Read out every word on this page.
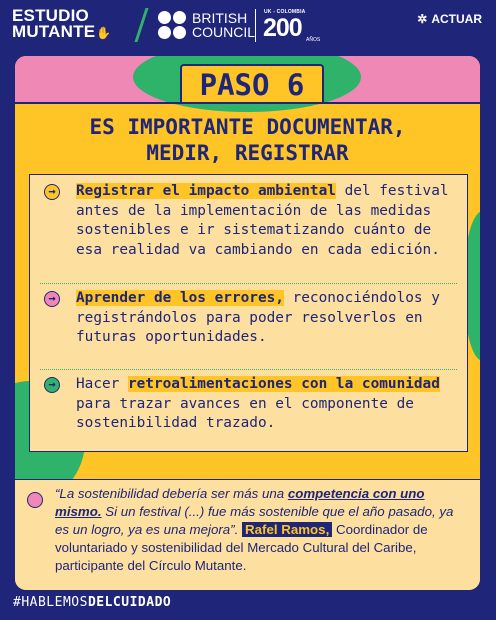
ESTUDIO
MUTANTE✋
BRITISH
COUNCIL
UK - COLOMBIA
200 AÑOS
✲ ACTUAR
PASO 6
ES IMPORTANTE DOCUMENTAR,
MEDIR, REGISTRAR
→	Registrar el impacto ambiental del festival antes de la implementación de las medidas sostenibles e ir sistematizando cuánto de esa realidad va cambiando en cada edición.
→	Aprender de los errores, reconociéndolos y registrándolos para poder resolverlos en futuras oportunidades.
→	Hacer retroalimentaciones con la comunidad para trazar avances en el componente de sostenibilidad trazado.
“La sostenibilidad debería ser más una competencia con uno mismo. Si un festival (...) fue más sostenible que el año pasado, ya es un logro, ya es una mejora”. Rafel Ramos, Coordinador de voluntariado y sostenibilidad del Mercado Cultural del Caribe, participante del Círculo Mutante.
#HABLEMOSDELCUIDADO
